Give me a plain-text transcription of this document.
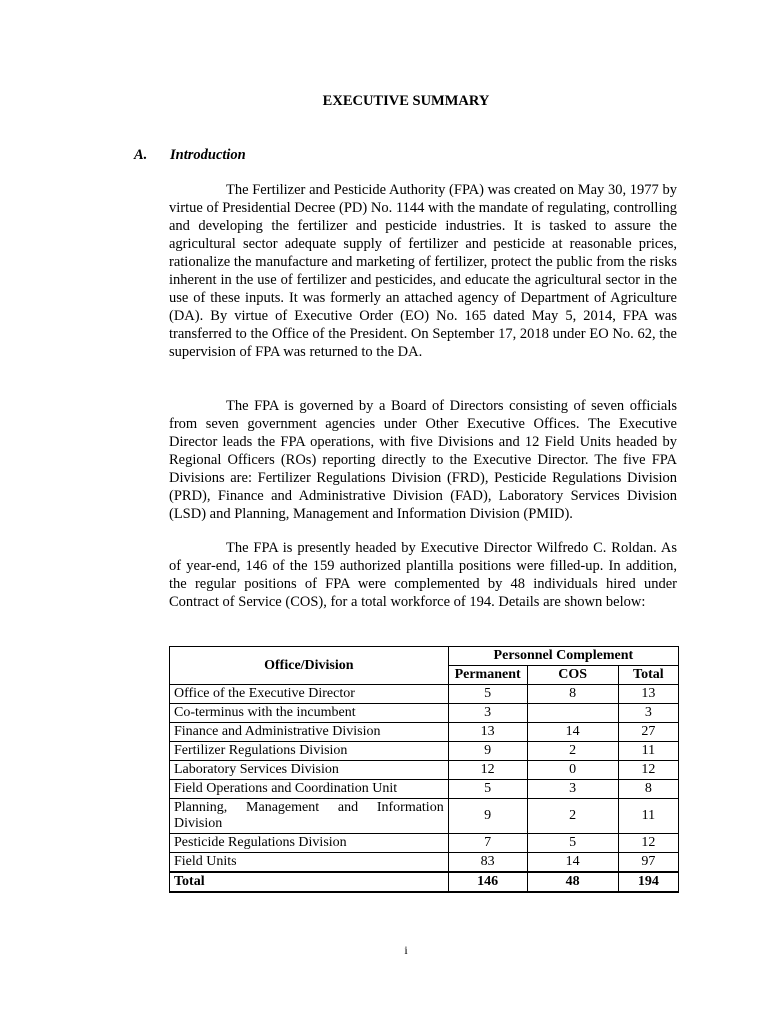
EXECUTIVE SUMMARY
A. Introduction

The Fertilizer and Pesticide Authority (FPA) was created on May 30, 1977 by virtue of Presidential Decree (PD) No. 1144 with the mandate of regulating, controlling and developing the fertilizer and pesticide industries. It is tasked to assure the agricultural sector adequate supply of fertilizer and pesticide at reasonable prices, rationalize the manufacture and marketing of fertilizer, protect the public from the risks inherent in the use of fertilizer and pesticides, and educate the agricultural sector in the use of these inputs. It was formerly an attached agency of Department of Agriculture (DA). By virtue of Executive Order (EO) No. 165 dated May 5, 2014, FPA was transferred to the Office of the President. On September 17, 2018 under EO No. 62, the supervision of FPA was returned to the DA.

The FPA is governed by a Board of Directors consisting of seven officials from seven government agencies under Other Executive Offices. The Executive Director leads the FPA operations, with five Divisions and 12 Field Units headed by Regional Officers (ROs) reporting directly to the Executive Director. The five FPA Divisions are: Fertilizer Regulations Division (FRD), Pesticide Regulations Division (PRD), Finance and Administrative Division (FAD), Laboratory Services Division (LSD) and Planning, Management and Information Division (PMID).

The FPA is presently headed by Executive Director Wilfredo C. Roldan. As of year-end, 146 of the 159 authorized plantilla positions were filled-up. In addition, the regular positions of FPA were complemented by 48 individuals hired under Contract of Service (COS), for a total workforce of 194. Details are shown below:

Office/Division	Personnel Complement		
	Permanent	COS	Total
Office of the Executive Director	5	8	13
Co-terminus with the incumbent	3		3
Finance and Administrative Division	13	14	27
Fertilizer Regulations Division	9	2	11
Laboratory Services Division	12	0	12
Field Operations and Coordination Unit	5	3	8

Planning, Management and Information
Division	9	2	11
Pesticide Regulations Division	7	5	12
Field Units	83	14	97
Total	146	48	194
i
